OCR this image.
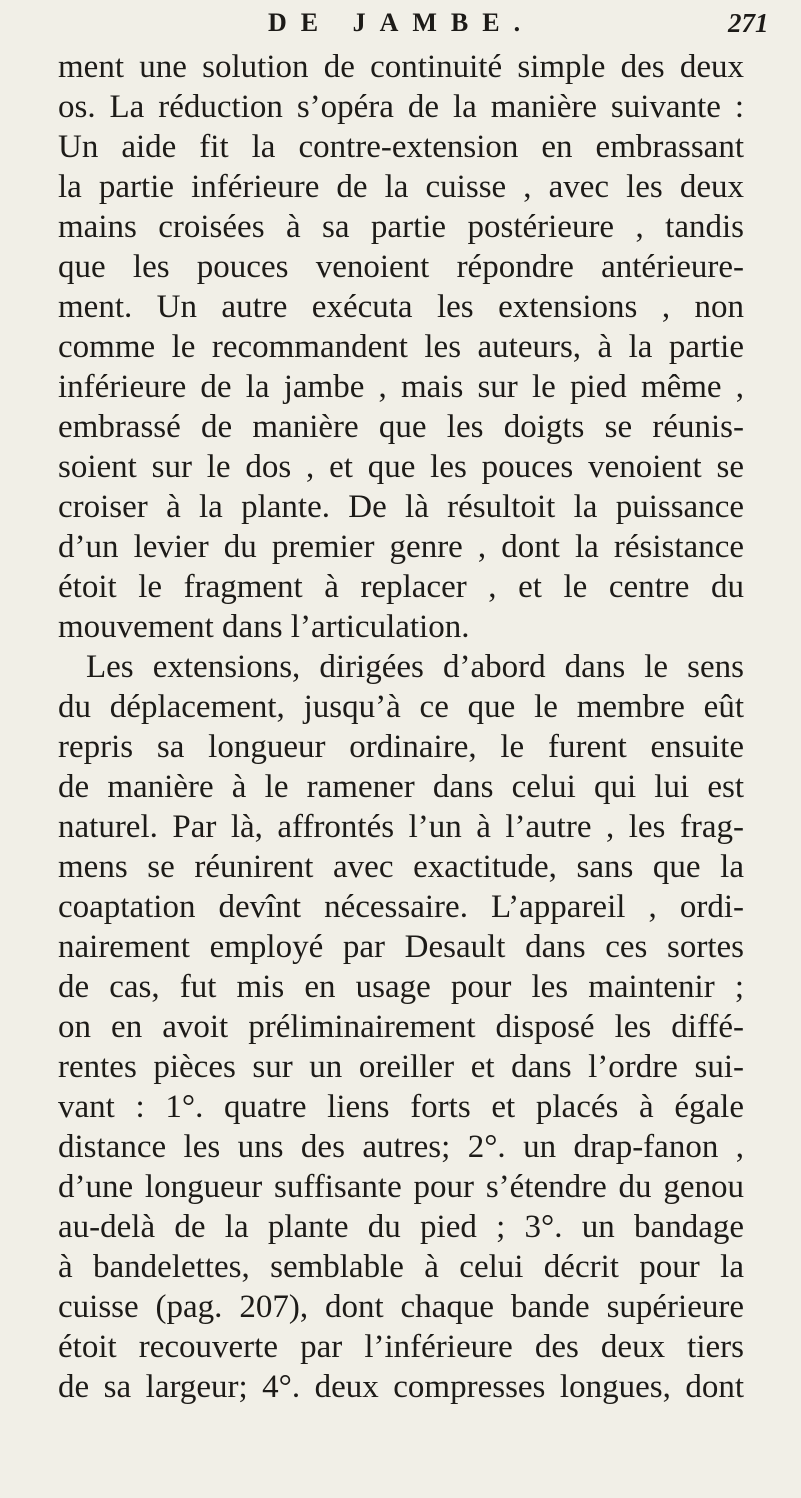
DE JAMBE.	271
ment une solution de continuité simple des deux
os. La réduction s’opéra de la manière suivante :
Un aide fit la contre-extension en embrassant
la partie inférieure de la cuisse , avec les deux
mains croisées à sa partie postérieure , tandis
que les pouces venoient répondre antérieure-
ment. Un autre exécuta les extensions , non
comme le recommandent les auteurs, à la partie
inférieure de la jambe , mais sur le pied même ,
embrassé de manière que les doigts se réunis-
soient sur le dos , et que les pouces venoient se
croiser à la plante. De là résultoit la puissance
d’un levier du premier genre , dont la résistance
étoit le fragment à replacer , et le centre du
mouvement dans l’articulation.
Les extensions, dirigées d’abord dans le sens
du déplacement, jusqu’à ce que le membre eût
repris sa longueur ordinaire, le furent ensuite
de manière à le ramener dans celui qui lui est
naturel. Par là, affrontés l’un à l’autre , les frag-
mens se réunirent avec exactitude, sans que la
coaptation devînt nécessaire. L’appareil , ordi-
nairement employé par Desault dans ces sortes
de cas, fut mis en usage pour les maintenir ;
on en avoit préliminairement disposé les diffé-
rentes pièces sur un oreiller et dans l’ordre sui-
vant : 1°. quatre liens forts et placés à égale
distance les uns des autres; 2°. un drap-fanon ,
d’une longueur suffisante pour s’étendre du genou
au-delà de la plante du pied ; 3°. un bandage
à bandelettes, semblable à celui décrit pour la
cuisse (pag. 207), dont chaque bande supérieure
étoit recouverte par l’inférieure des deux tiers
de sa largeur; 4°. deux compresses longues, dont
